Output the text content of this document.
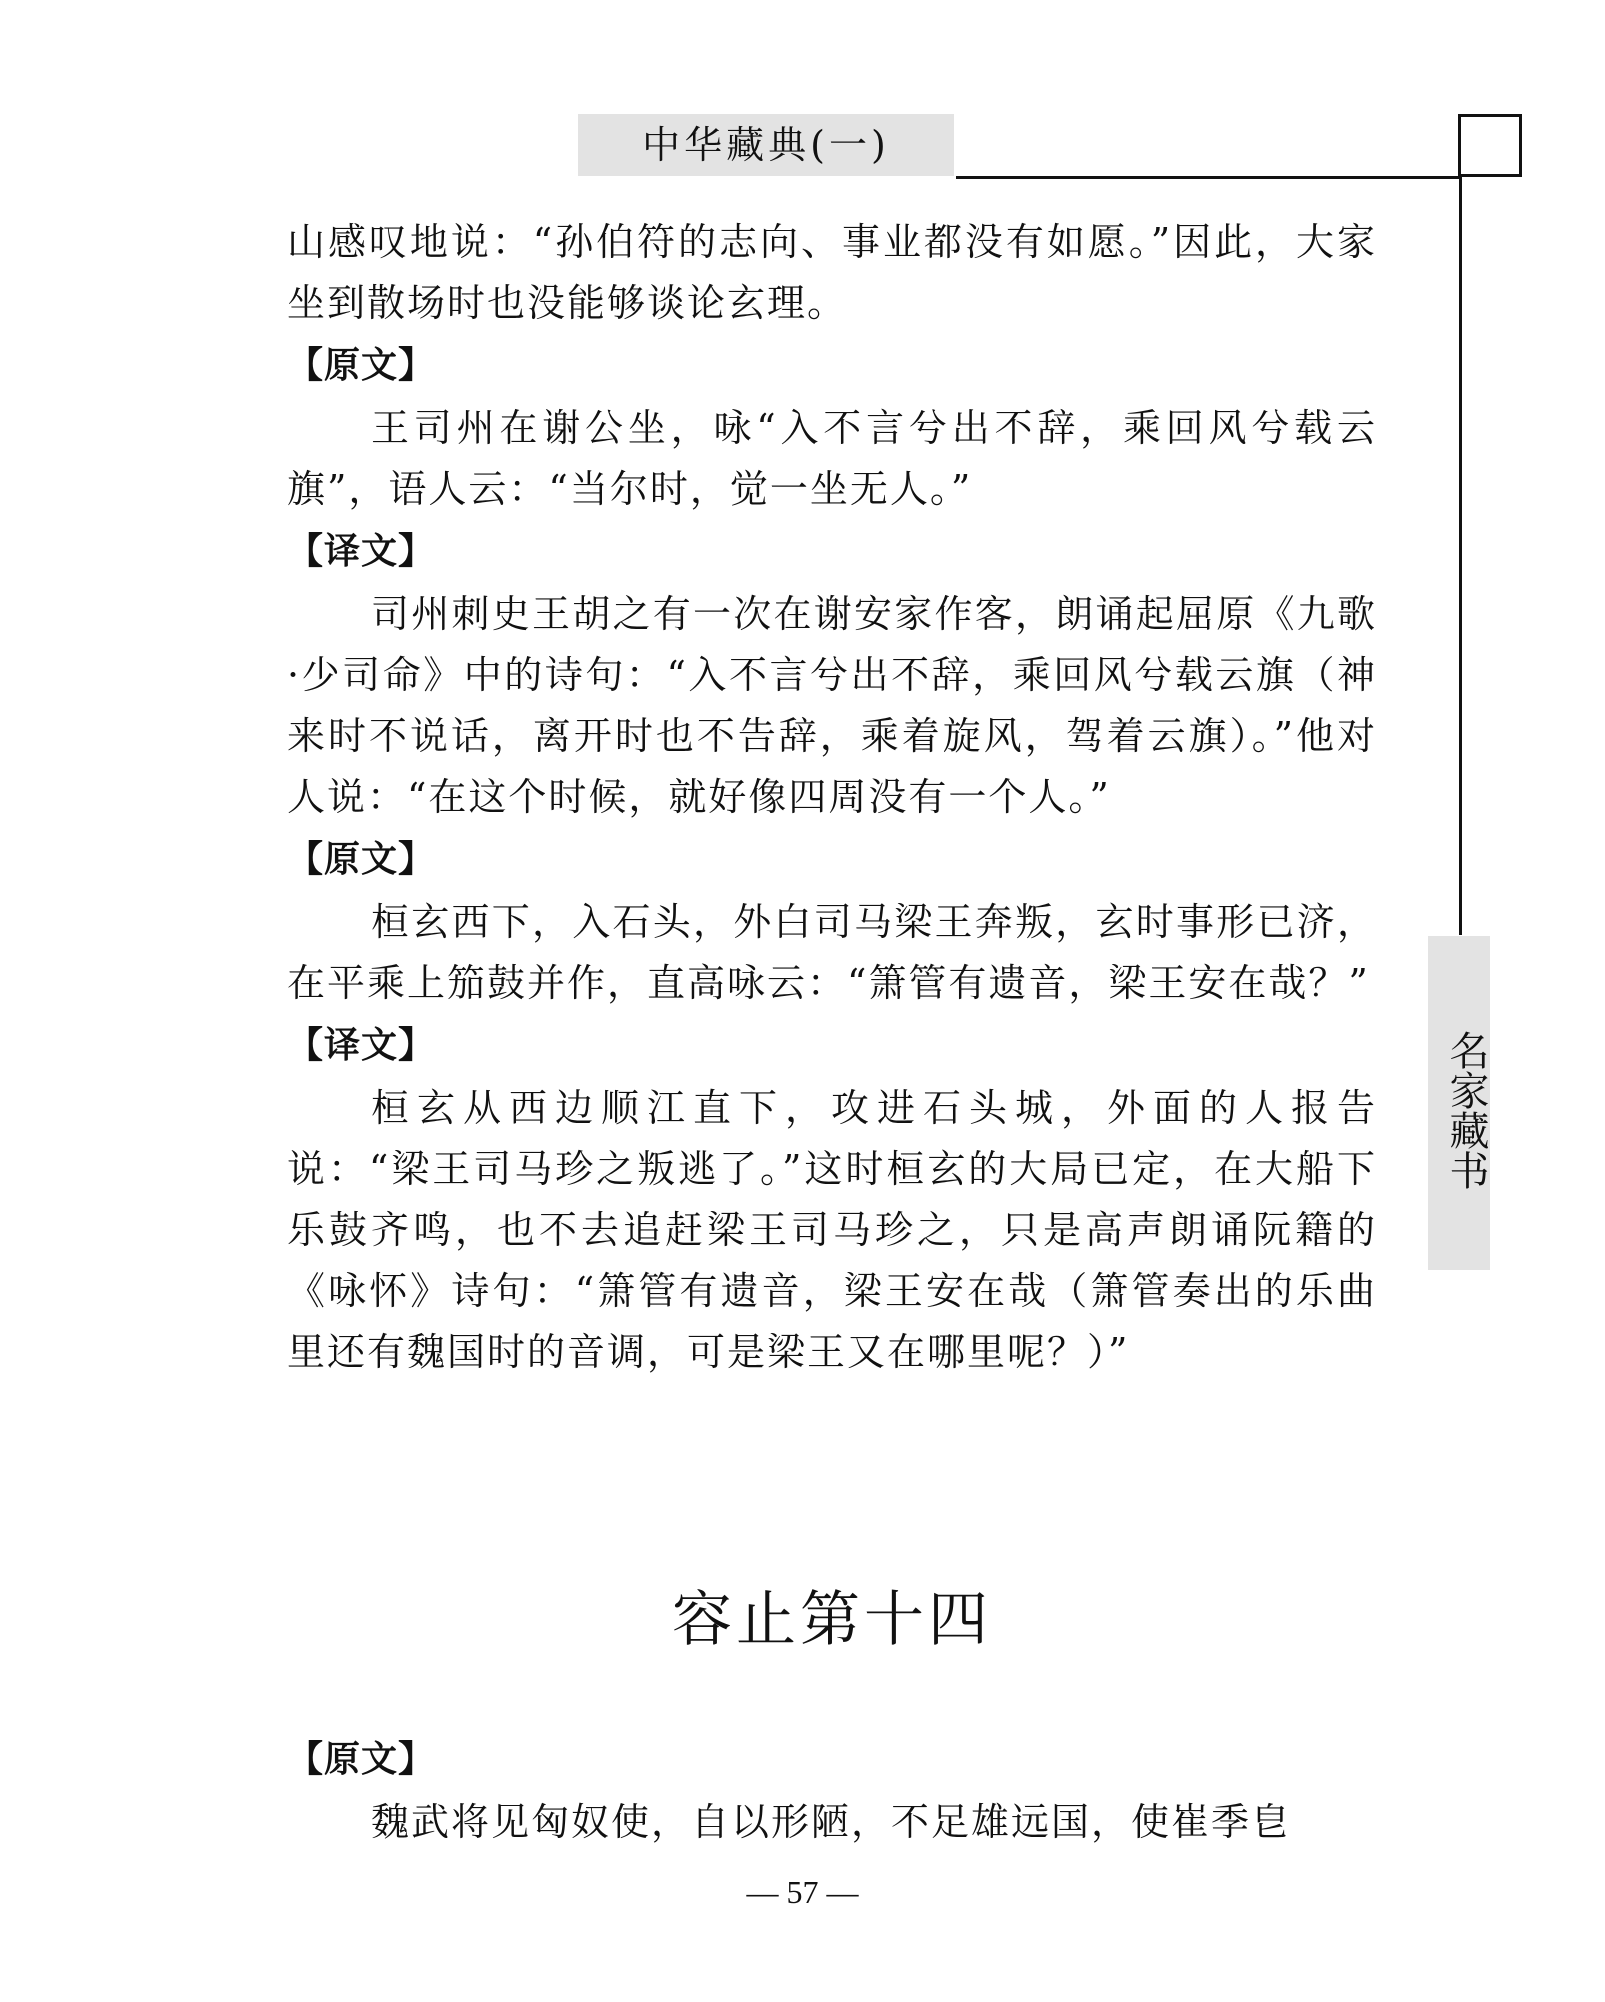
中华藏典(一)
名家藏书

山感叹地说：“孙伯符的志向、事业都没有如愿。”因此，大家坐到散场时也没能够谈论玄理。

【原文】

王司州在谢公坐，咏“入不言兮出不辞，乘回风兮载云旗”，语人云：“当尔时，觉一坐无人。”

【译文】

司州刺史王胡之有一次在谢安家作客，朗诵起屈原《九歌·少司命》中的诗句：“入不言兮出不辞，乘回风兮载云旗（神来时不说话，离开时也不告辞，乘着旋风，驾着云旗）。”他对人说：“在这个时候，就好像四周没有一个人。”

【原文】

桓玄西下，入石头，外白司马梁王奔叛，玄时事形已济，在平乘上笳鼓并作，直高咏云：“箫管有遗音，梁王安在哉？”

【译文】

桓玄从西边顺江直下，攻进石头城，外面的人报告说：“梁王司马珍之叛逃了。”这时桓玄的大局已定，在大船下乐鼓齐鸣，也不去追赶梁王司马珍之，只是高声朗诵阮籍的《咏怀》诗句：“箫管有遗音，梁王安在哉（箫管奏出的乐曲里还有魏国时的音调，可是梁王又在哪里呢？）”

容止第十四

【原文】

魏武将见匈奴使，自以形陋，不足雄远国，使崔季皀

— 57 —
